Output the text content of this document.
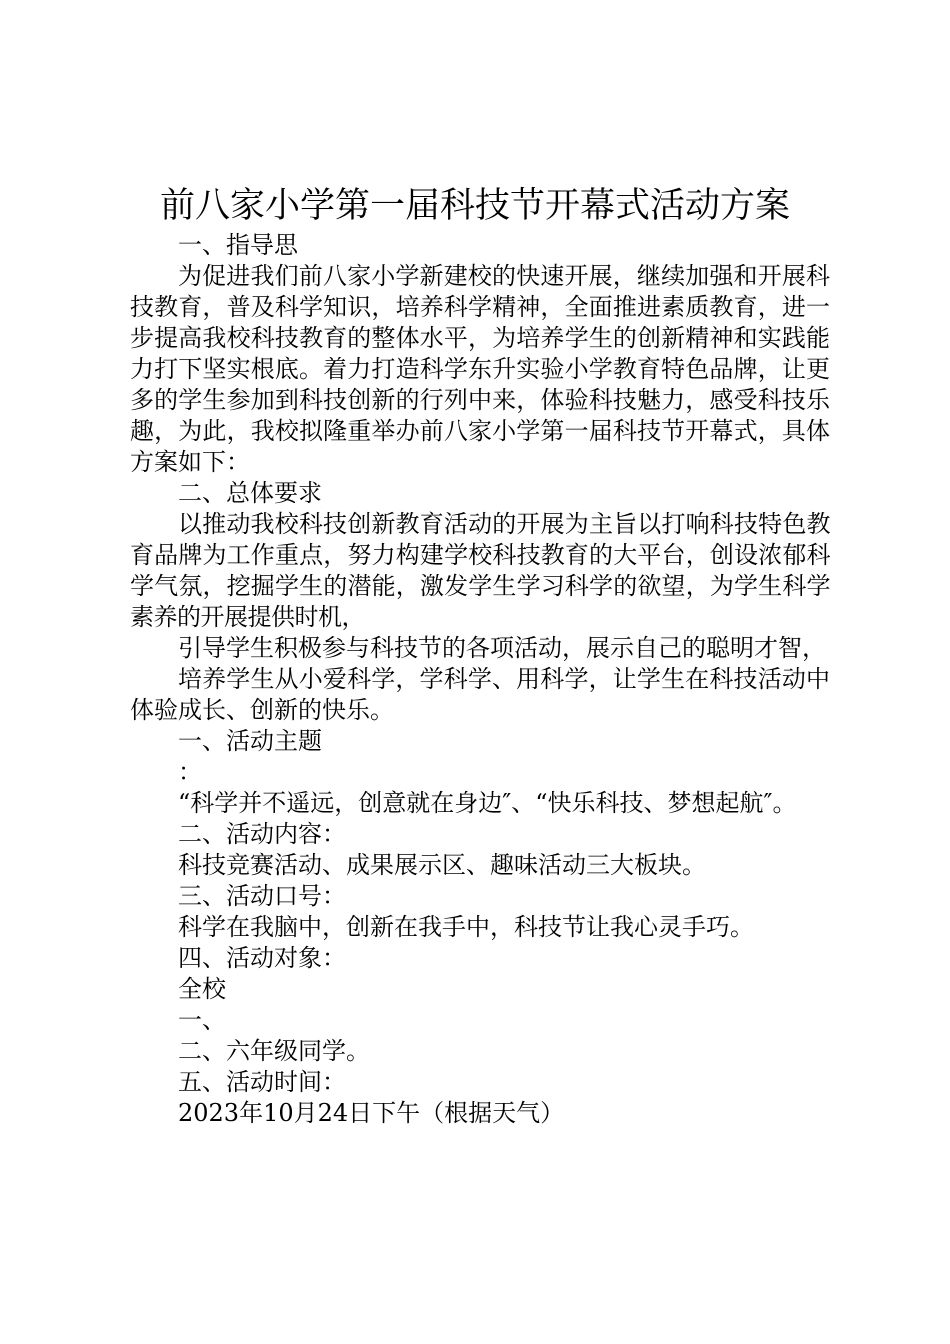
前八家小学第一届科技节开幕式活动方案

一、指导思

为促进我们前八家小学新建校的快速开展，继续加强和开展科技教育，普及科学知识，培养科学精神，全面推进素质教育，进一步提高我校科技教育的整体水平，为培养学生的创新精神和实践能力打下坚实根底。着力打造科学东升实验小学教育特色品牌，让更多的学生参加到科技创新的行列中来，体验科技魅力，感受科技乐趣，为此，我校拟隆重举办前八家小学第一届科技节开幕式，具体方案如下：

二、总体要求

以推动我校科技创新教育活动的开展为主旨以打响科技特色教育品牌为工作重点，努力构建学校科技教育的大平台，创设浓郁科学气氛，挖掘学生的潜能，激发学生学习科学的欲望，为学生科学素养的开展提供时机，

引导学生积极参与科技节的各项活动，展示自己的聪明才智，

培养学生从小爱科学，学科学、用科学，让学生在科技活动中体验成长、创新的快乐。

一、活动主题

：

“科学并不遥远，创意就在身边″、“快乐科技、梦想起航″。

二、活动内容：

科技竞赛活动、成果展示区、趣味活动三大板块。

三、活动口号：

科学在我脑中，创新在我手中，科技节让我心灵手巧。

四、活动对象：

全校

一、

二、六年级同学。

五、活动时间：

2023年10月24日下午（根据天气）
